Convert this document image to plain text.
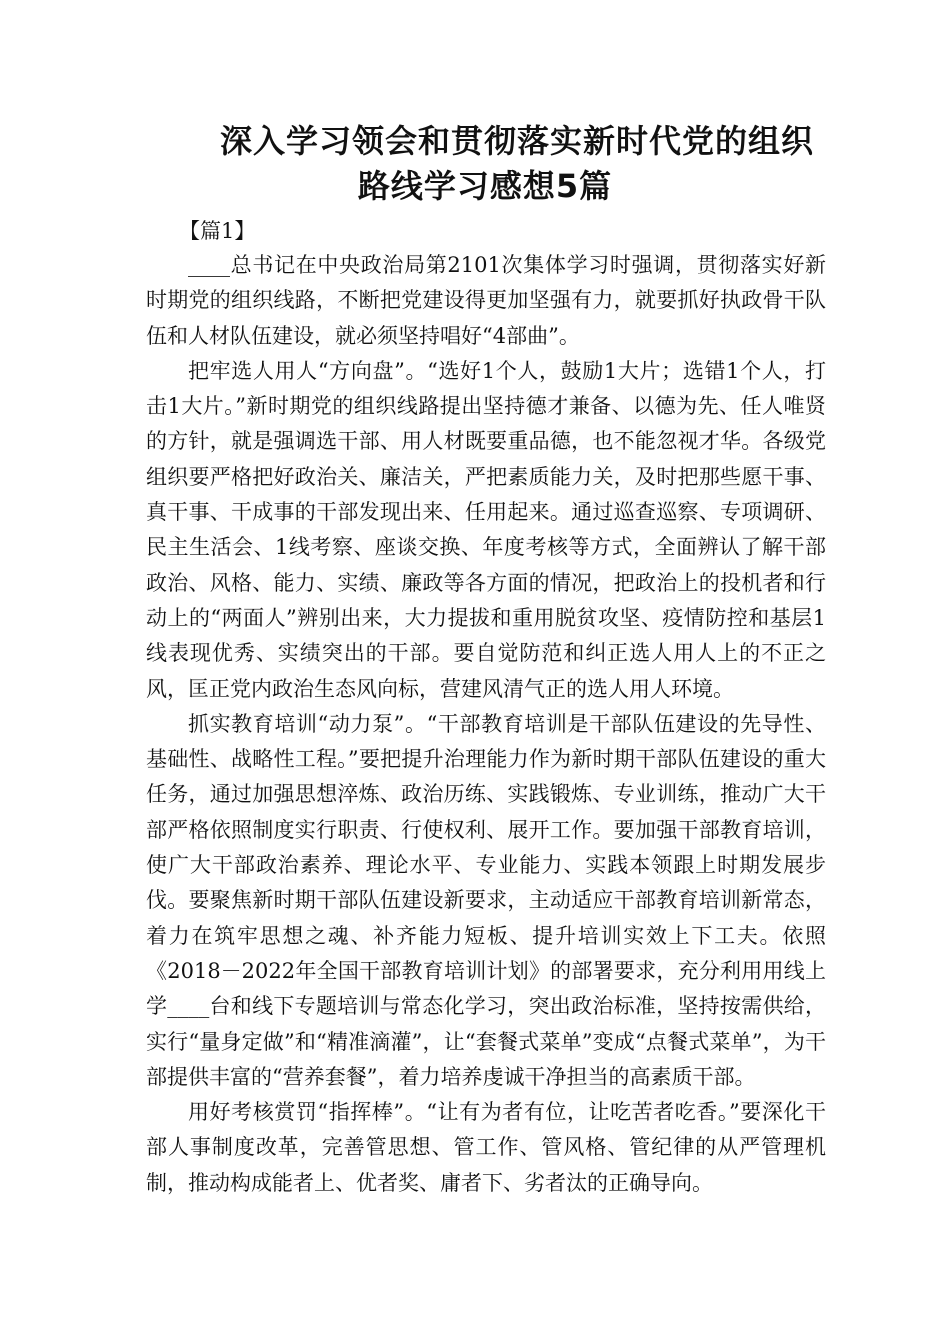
深入学习领会和贯彻落实新时代党的组织
路线学习感想5篇
【篇1】

____总书记在中央政治局第2101次集体学习时强调，贯彻落实好新时期党的组织线路，不断把党建设得更加坚强有力，就要抓好执政骨干队伍和人材队伍建设，就必须坚持唱好“4部曲”。

把牢选人用人“方向盘”。“选好1个人，鼓励1大片；选错1个人，打击1大片。”新时期党的组织线路提出坚持德才兼备、以德为先、任人唯贤的方针，就是强调选干部、用人材既要重品德，也不能忽视才华。各级党组织要严格把好政治关、廉洁关，严把素质能力关，及时把那些愿干事、真干事、干成事的干部发现出来、任用起来。通过巡查巡察、专项调研、民主生活会、1线考察、座谈交换、年度考核等方式，全面辨认了解干部政治、风格、能力、实绩、廉政等各方面的情况，把政治上的投机者和行动上的“两面人”辨别出来，大力提拔和重用脱贫攻坚、疫情防控和基层1线表现优秀、实绩突出的干部。要自觉防范和纠正选人用人上的不正之风，匡正党内政治生态风向标，营建风清气正的选人用人环境。

抓实教育培训“动力泵”。“干部教育培训是干部队伍建设的先导性、基础性、战略性工程。”要把提升治理能力作为新时期干部队伍建设的重大任务，通过加强思想淬炼、政治历练、实践锻炼、专业训练，推动广大干部严格依照制度实行职责、行使权利、展开工作。要加强干部教育培训，使广大干部政治素养、理论水平、专业能力、实践本领跟上时期发展步伐。要聚焦新时期干部队伍建设新要求，主动适应干部教育培训新常态，着力在筑牢思想之魂、补齐能力短板、提升培训实效上下工夫。依照《2018－2022年全国干部教育培训计划》的部署要求，充分利用用线上学____台和线下专题培训与常态化学习，突出政治标准，坚持按需供给，实行“量身定做”和“精准滴灌”，让“套餐式菜单”变成“点餐式菜单”，为干部提供丰富的“营养套餐”，着力培养虔诚干净担当的高素质干部。

用好考核赏罚“指挥棒”。“让有为者有位，让吃苦者吃香。”要深化干部人事制度改革，完善管思想、管工作、管风格、管纪律的从严管理机制，推动构成能者上、优者奖、庸者下、劣者汰的正确导向。
